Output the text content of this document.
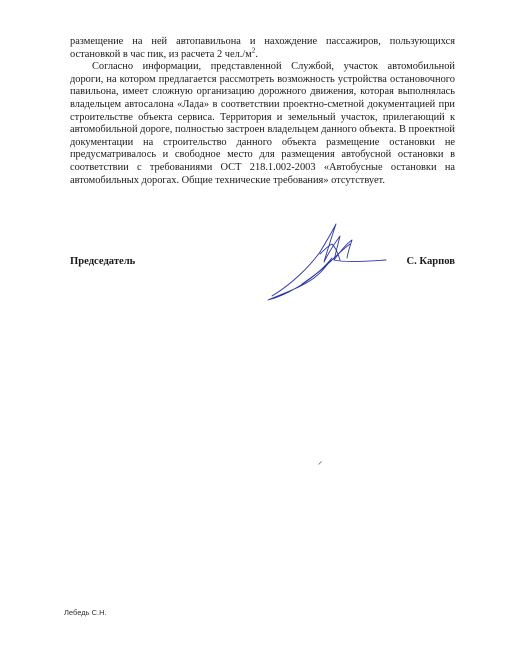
размещение на ней автопавильона и нахождение пассажиров, пользующихся остановкой в час пик, из расчета 2 $чел./м^2$.

Согласно информации, представленной Службой, участок автомобильной дороги, на котором предлагается рассмотреть возможность устройства остановочного павильона, имеет сложную организацию дорожного движения, которая выполнялась владельцем автосалона «Лада» в соответствии проектно-сметной документацией при строительстве объекта сервиса. Территория и земельный участок, прилегающий к автомобильной дороге, полностью застроен владельцем данного объекта. В проектной документации на строительство данного объекта размещение остановки не предусматривалось и свободное место для размещения автобусной остановки в соответствии с требованиями ОСТ 218.1.002-2003 «Автобусные остановки на автомобильных дорогах. Общие технические требования» отсутствует.

Председатель	С. Карпов
Лебедь С.Н.
